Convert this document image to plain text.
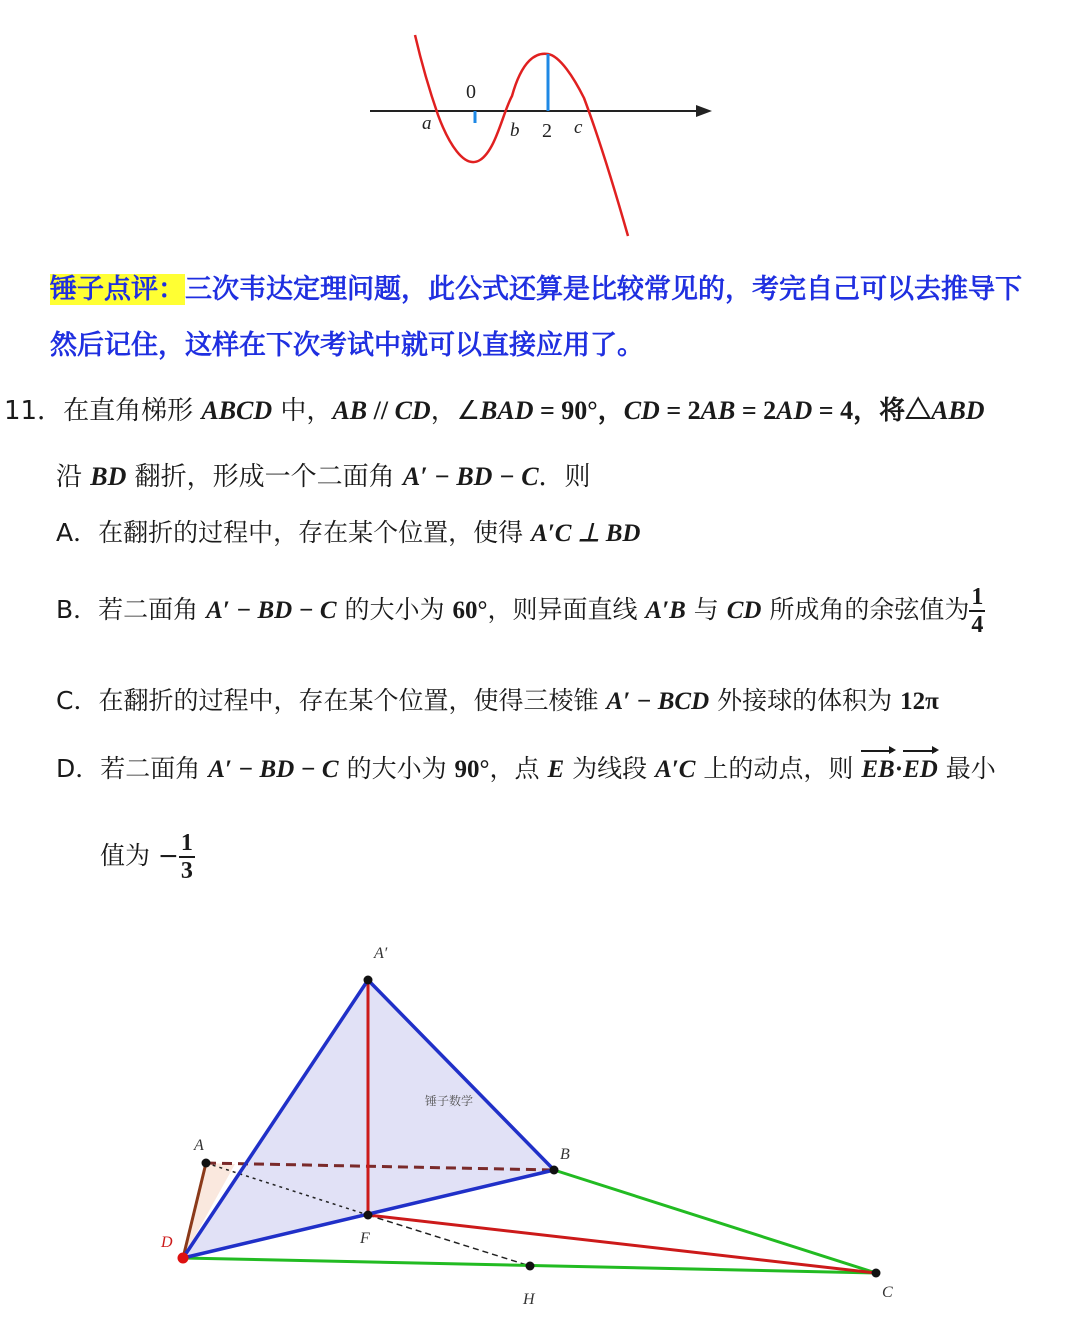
0
a	b 2 c
锤子点评：三次韦达定理问题，此公式还算是比较常见的，考完自己可以去推导下
然后记住，这样在下次考试中就可以直接应用了。
11．在直角梯形 ABCD 中，AB // CD，∠BAD = 90°，CD = 2AB = 2AD = 4，将△ABD
沿 BD 翻折，形成一个二面角 A′ − BD − C．则
A．在翻折的过程中，存在某个位置，使得 A′C ⊥ BD
B．若二面角 A′ − BD − C 的大小为 60°，则异面直线 A′B 与 CD 所成角的余弦值为 $\frac{1}{4}$
C．在翻折的过程中，存在某个位置，使得三棱锥 A′ − BCD 外接球的体积为 12π
D．若二面角 A′ − BD − C 的大小为 90°，点 E 为线段 A′C 上的动点，则 EB·ED 最小
值为 − $\frac{1}{3}$
A′
A
B
D	F
H	C
锤子数学
